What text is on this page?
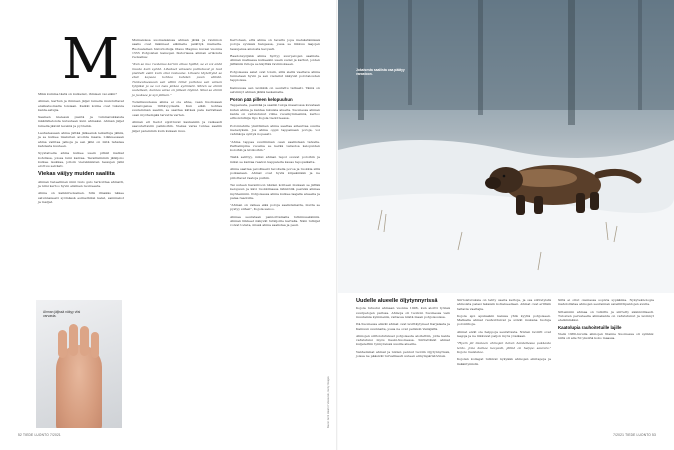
M

Mikä kumma tästä on kulkenut, ihmisen vai eläin?

Ahman, karhun ja ihmisen jäljet lumella muistuttavat ensikatsomalta toisiaan. Kaikki kolme ovat tukevia kanta-astujia.

Saamen kielessä pientä ja tummatukkaista määrätietoista kutsutaan kuin ahmaksi. Ahman jäljet lumella jäävät leveinä ja pyöreinä.

Lauhatessaan ahma jättää jälkeensä leikattuja jälkiä, ja se kulkee mieluiten avointa maata. Liikkuessaan ahma vaihtaa jalkoja ja sen jälki on mitä tahansa kahdesta kuuteen.

Syystalvella ahma kulkee usein pitkät matkat kohdissa, joissa lumi kantaa. Tavallisimmin jälkijono kulkee laukkaa, jolloin vierekkäisten tassujen jälki erottuu selvästi.

Viekas väijyy muiden saaliita

Ahman tieteellinen nimi Gulo gulo tarkoittaa ahmatti, ja nimi kertoo hyvin eläimen luonteesta.

Ahma on kaikkiruokainen. Sitä ilmakäs näkee satunnaisesti syömässä esimerkiksi kalat, sammakot ja marjat.

Ahman jäljissä näkyy viisi varvasta.

Muinaisissa suomalaisissa ahman jätkä ja ravinnon saalis ovat lisänneet eläimelle pelättyä mainetta. Ruotsalainen historioitsija Olaus Magnus kuvasi vuonna 1555 Pohjoisten kansojen historiassa ahman erikoista ruokailua:

"Kun se nuo ruokansa kerran alkaa hylätä, se ei voi enää muuta kuin syödä. Lihakset vatsasta pullistuvat ja luut pistävät esiin kuin olisi raskaana. Lihasta täytettynä se etsii kapeaa kohtaa kahden puun välistä. Tunkeutuessaan sen väliin tämä puristaa sen vatsan tyhjäksi ja se voi taas jatkaa syömistä. Sitten se ahmii uudelleen, kunnes vatsa on jälleen täynnä. Siksi se ahmii ja juoksee ja syö jälleen."

Todellisuudessa ahma ei ole ahne, vaan huolissaan varastojensa riittävyydestä. Kun eläin kohtaa suuremman saaliin, se saattaa kätkeä pala kerrallaan osan myöhempää tarvetta varten.

Ahman eri tiedot sijoittuvat kaukaisiin ja vaikeasti saavutettaviin paikkoihin. Viekas varas tuntee saaliin jäljet paremmin kuin kukaan muu.

Kerrotaan, että ahma on tavattu jopa metsästämässä poroja syvässä hangessa, jossa se liikkuu laajojen tassujensa ansiosta kevyesti.

Raadonsyöjänä ahma hyötyy suurpetojen saaliista. Ahman matkassa kulkeekin usein sudet ja karhut, joiden jättämiä ruhoja se käyttää ravinnokseen.

Pohjoisessa asiat ovat toisin, sillä siellä vaeltava ahma tunnetaan hyvin ja sen vierailut näkyvät porotalouden tappioissa.

Kainuussa sen levikkiä on seurattu tarkasti. Tämä on selvinnyt ahman jälkiä laskemalla.

Poron pää pilleen kelopuuhun

Tappelusta, pesintää ja saaliin tuloja maastossa kuvataan kuten ahma ja kantaa lukuisia alueita. Suomessa ahman kanta on vahvistunut viime vuosikymmeninä, kertoo erikoistutkija Ilpo Kojola tiedotteessa.

Poromiehille yksittäinen ahma saattaa aiheuttaa suuria menetyksiä. Jos ahma oppii tappamaan poroja, voi vahinkoja syntyä nopeasti.

"Ahma tappaa suurimman osan saaliistaan talvella. Parhaimpina vuosina se kerää varastoa kelopuiden koloihin ja kivikoihin."

Tästä selittyy, miksi ahman tapot osuvat poroihin ja miksi se kantaa raadon kappaleita kauas tapopaikalta.

Ahma saattaa petollisesti tavoitella poroa ja ruokkia sillä poikasiaan. Ahmat ovat hyviä kiipeämään ja ne piilottavat raatoja puihin.

Tai uuteen havaintoon näiden kohteen mukaan se jättää kelopuun ja kävi ruokkimassa lähistöllä pesivää ahmaa myöhemmin. Pohjoisessa ahma kulkee laajalla alueella ja palaa raadoille.

"Ahman on vaikea elää poroja saalistamatta, mutta se pystyy siihen", Kojola sanoo.

Ahmaa seurataan pannoittamalla tutkimuseläimiä. Ahman liikkeet näkyvät tutkijoille kartalla. Näin tutkijat voivat todeta, missä ahma saalistaa ja pesii.

Kuvat: Antti Haarni / Vastavalo, Getty Images
52 TIEDE LUONTO 7/2021
Jokaisesta saaliista osa päätyy varastoon.
Uudelle alueelle öljytynnyrissä

Kojola tutustui ahmaan vuonna 1996, kun aloitti työnsä suurpetojen parissa. Ahmoja oli tuolloin Suomessa vain muutamia kymmeniä, valtaosa niistä maan pohjoisosissa.

Itä-Suomessa elävät ahmat ovat levittäytyneet Karjalasta ja Kainuun suunnalta, jossa ne ovat peräisin Venäjältä.

Ahmojen siirtoistutukset pohjoisesta aloitettiin, jotta kanta vahvistuisi myös Keski-Suomessa. Siirrettävät ahmat kuljetettiin tynnyreissä uusille alueille.

Vanhemmat ahmat ja niiden pennut tuotiin öljytynnyrissä, joissa ne pääsivät turvallisesti uuteen elinympäristöönsä.

Siirtoistutuksia on tehty useita kertoja, ja osa siirretyistä ahmoista palasi takaisin kotialueelleen. Ahmat ovat erittäin taitavia vaeltajia.

Kojola ajoi apukaskin kanssa yhtä kyytiä pohjoiseen. Matkalla ahmat rauhoittuivat ja söivät mukana tuotuja poronlihoja.

Ahmat eivät ole helppoja seurattavia. Niiden reviirit ovat laajoja ja ne liikkuvat paljon myös yöaikaan.

"Hyvin jäi mieleen ahmojen hatun haistellessa pakkasta lento. Joka kulkee kevyesti, jälkiä on helppo seurata." Kojola muistelee.

Kojolan kollegat tutkivat nykyään ahmojen elintapoja ja lisääntymistä.

Siltä ei ollut olemassa sopivia sypäämia. Nykyteknologia mahdollistaa ahmojen seurannan satelliittipantojen avulla.

Sittemmin ahmaa on tutkittu ja siirretty säännöllisesti. Tulosten perusteella ahmakanta on vahvistunut ja levinnyt etelämmäksi.

Kaatolupia rauhoitetuille lajille

Vielä 1980-luvulla ahmojen tilanne Suomessa oli synkkä: niitä oli alle 50 yksilöä koko maassa.

7/2021 TIEDE LUONTO 53
